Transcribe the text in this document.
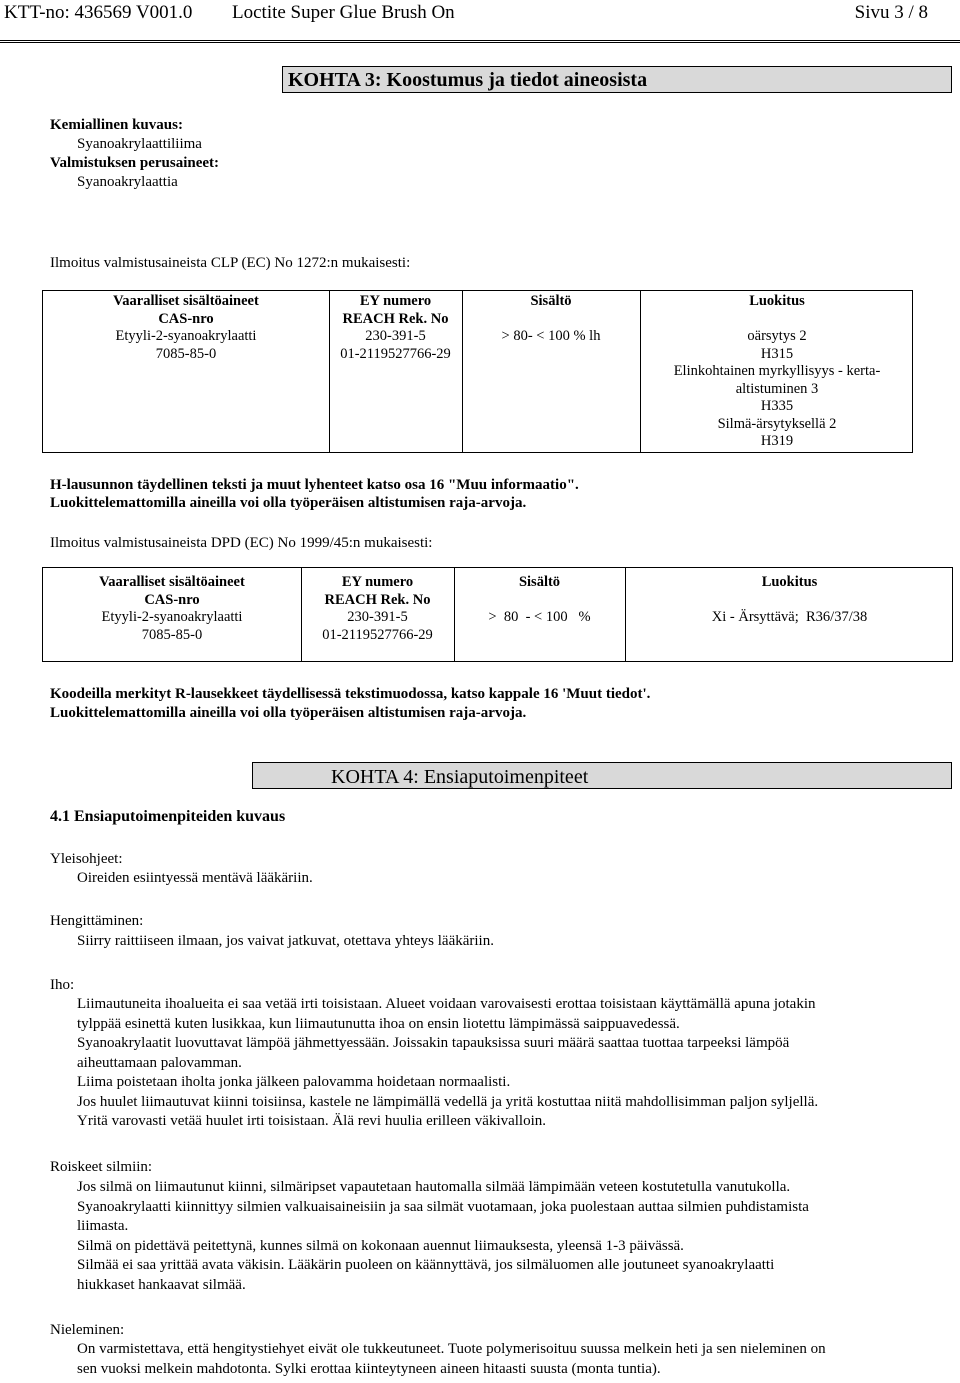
KTT-no: 436569 V001.0 Loctite Super Glue Brush On	Sivu 3 / 8
KOHTA 3: Koostumus ja tiedot aineosista
Kemiallinen kuvaus:
Syanoakrylaattiliima
Valmistuksen perusaineet:
Syanoakrylaattia
Ilmoitus valmistusaineista CLP (EC) No 1272:n mukaisesti:
Vaaralliset sisältöaineet
CAS-nro
Etyyli-2-syanoakrylaatti
7085-85-0
EY numero
REACH Rek. No
230-391-5
01-2119527766-29
Sisältö
> 80- < 100 % lh
Luokitus
oärsytys 2
H315
Elinkohtainen myrkyllisyys - kerta-
altistuminen 3
H335
Silmä-ärsytyksellä 2
H319
H-lausunnon täydellinen teksti ja muut lyhenteet katso osa 16 "Muu informaatio".
Luokittelemattomilla aineilla voi olla työperäisen altistumisen raja-arvoja.
Ilmoitus valmistusaineista DPD (EC) No 1999/45:n mukaisesti:
Vaaralliset sisältöaineet
CAS-nro
Etyyli-2-syanoakrylaatti
7085-85-0
EY numero
REACH Rek. No
230-391-5
01-2119527766-29
Sisältö
>  80  - < 100   %
Luokitus
Xi - Ärsyttävä;  R36/37/38
Koodeilla merkityt R-lausekkeet täydellisessä tekstimuodossa, katso kappale 16 'Muut tiedot'.
Luokittelemattomilla aineilla voi olla työperäisen altistumisen raja-arvoja.
KOHTA 4: Ensiaputoimenpiteet
4.1 Ensiaputoimenpiteiden kuvaus
Yleisohjeet:
Oireiden esiintyessä mentävä lääkäriin.
Hengittäminen:
Siirry raittiiseen ilmaan, jos vaivat jatkuvat, otettava yhteys lääkäriin.
Iho:
Liimautuneita ihoalueita ei saa vetää irti toisistaan. Alueet voidaan varovaisesti erottaa toisistaan käyttämällä apuna jotakin
tylppää esinettä kuten lusikkaa, kun liimautunutta ihoa on ensin liotettu lämpimässä saippuavedessä.
Syanoakrylaatit luovuttavat lämpöä jähmettyessään. Joissakin tapauksissa suuri määrä saattaa tuottaa tarpeeksi lämpöä
aiheuttamaan palovamman.
Liima poistetaan iholta jonka jälkeen palovamma hoidetaan normaalisti.
Jos huulet liimautuvat kiinni toisiinsa, kastele ne lämpimällä vedellä ja yritä kostuttaa niitä mahdollisimman paljon syljellä.
Yritä varovasti vetää huulet irti toisistaan. Älä revi huulia erilleen väkivalloin.
Roiskeet silmiin:
Jos silmä on liimautunut kiinni, silmäripset vapautetaan hautomalla silmää lämpimään veteen kostutetulla vanutukolla.
Syanoakrylaatti kiinnittyy silmien valkuaisaineisiin ja saa silmät vuotamaan, joka puolestaan auttaa silmien puhdistamista
liimasta.
Silmä on pidettävä peitettynä, kunnes silmä on kokonaan auennut liimauksesta, yleensä 1-3 päivässä.
Silmää ei saa yrittää avata väkisin. Lääkärin puoleen on käännyttävä, jos silmäluomen alle joutuneet syanoakrylaatti
hiukkaset hankaavat silmää.
Nieleminen:
On varmistettava, että hengitystiehyet eivät ole tukkeutuneet. Tuote polymerisoituu suussa melkein heti ja sen nieleminen on
sen vuoksi melkein mahdotonta. Sylki erottaa kiinteytyneen aineen hitaasti suusta (monta tuntia).
